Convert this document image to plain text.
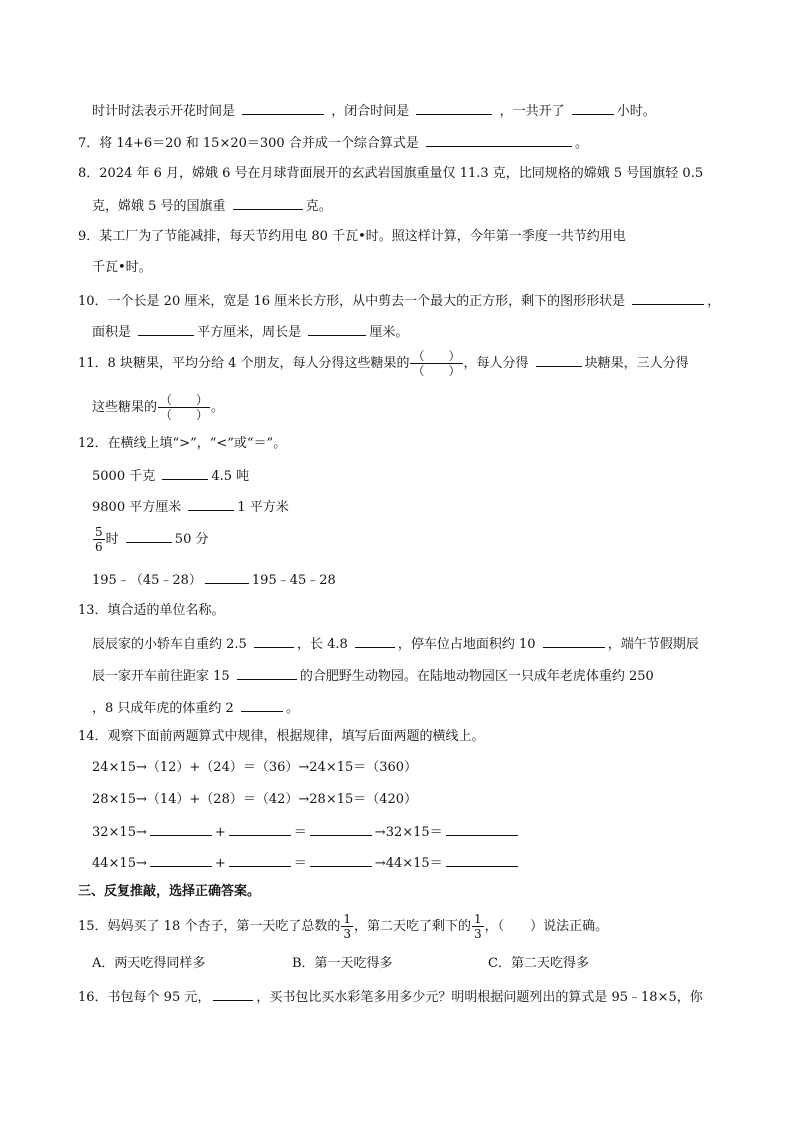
时计时法表示开花时间是	，闭合时间是	，一共开了	小时。
7．将 14+6＝20 和 15×20＝300 合并成一个综合算式是	。
8．2024 年 6 月，嫦娥 6 号在月球背面展开的玄武岩国旗重量仅 11.3 克，比同规格的嫦娥 5 号国旗轻 0.5
克，嫦娥 5 号的国旗重	克。
9．某工厂为了节能减排，每天节约用电 80 千瓦•时。照这样计算，今年第一季度一共节约用电
千瓦•时。
10．一个长是 20 厘米，宽是 16 厘米长方形，从中剪去一个最大的正方形，剩下的图形形状是	，
面积是	平方厘米，周长是	厘米。
11．8 块糖果，平均分给 4 个朋友，每人分得这些糖果的 $\frac{( )}{( )}$ ，每人分得	块糖果，三人分得
这些糖果的 $\frac{( )}{( )}$ 。
12．在横线上填“>”，“<”或“＝”。
5000 千克	4.5 吨
9800 平方厘米	1 平方米
$\frac{5}{6}$ 时	50 分
195﹣（45﹣28）	195﹣45﹣28
13．填合适的单位名称。
辰辰家的小轿车自重约 2.5	，长 4.8	，停车位占地面积约 10	，端午节假期辰
辰一家开车前往距家 15	的合肥野生动物园。在陆地动物园区一只成年老虎体重约 250
，8 只成年虎的体重约 2	。
14．观察下面前两题算式中规律，根据规律，填写后面两题的横线上。
24×15→（12）+（24）＝（36）→24×15＝（360）
28×15→（14）+（28）＝（42）→28×15＝（420）
32×15→	+	＝	→32×15＝
44×15→	+	＝	→44×15＝
三、反复推敲，选择正确答案。
15．妈妈买了 18 个杏子，第一天吃了总数的 $\frac{1}{3}$ ，第二天吃了剩下的 $\frac{1}{3}$ ，（　　）说法正确。
A．两天吃得同样多	B．第一天吃得多	C．第二天吃得多
16．书包每个 95 元，	，买书包比买水彩笔多用多少元？明明根据问题列出的算式是 95﹣18×5，你
